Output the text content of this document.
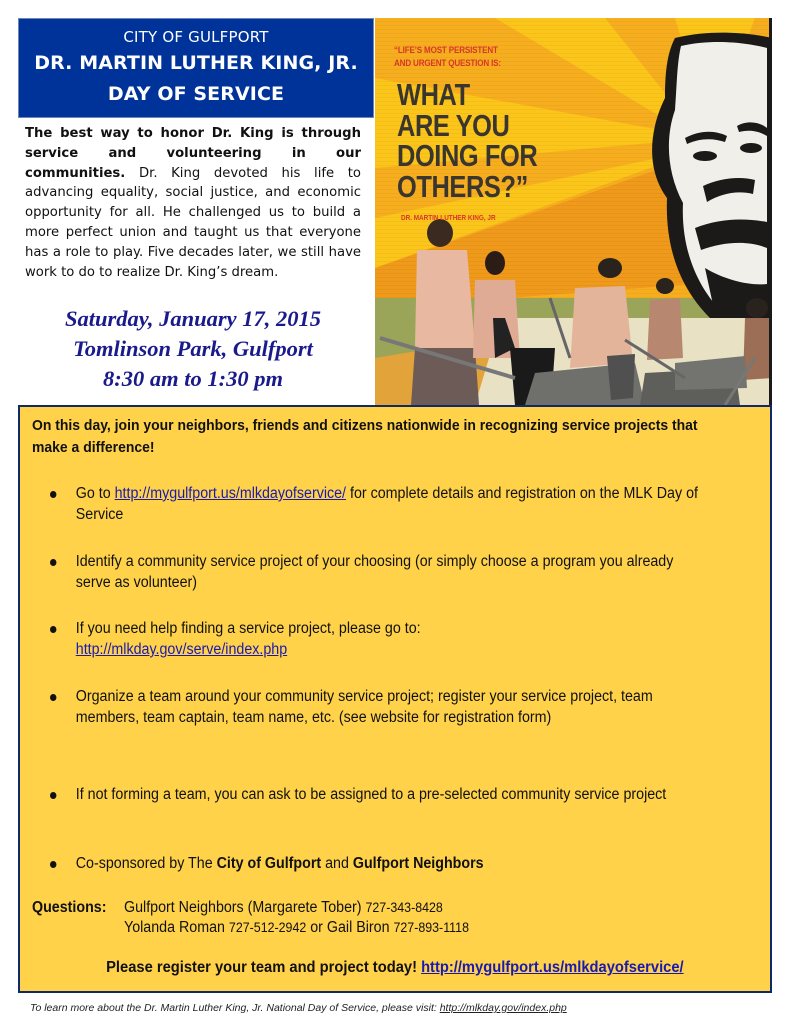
CITY OF GULFPORT
DR. MARTIN LUTHER KING, JR.
DAY OF SERVICE
The best way to honor Dr. King is through service and volunteering in our communities. Dr. King devoted his life to advancing equality, social justice, and economic opportunity for all. He challenged us to build a more perfect union and taught us that everyone has a role to play. Five decades later, we still have work to do to realize Dr. King’s dream.
Saturday, January 17, 2015
Tomlinson Park, Gulfport
8:30 am to 1:30 pm
“LIFE’S MOST PERSISTENT
AND URGENT QUESTION IS:
WHAT
ARE YOU
DOING FOR
OTHERS?”
DR. MARTIN LUTHER KING, JR
On this day, join your neighbors, friends and citizens nationwide in recognizing service projects that make a difference!
Go to http://mygulfport.us/mlkdayofservice/ for complete details and registration on the MLK Day of Service
Identify a community service project of your choosing (or simply choose a program you already serve as volunteer)
If you need help finding a service project, please go to:
http://mlkday.gov/serve/index.php
Organize a team around your community service project; register your service project, team members, team captain, team name, etc. (see website for registration form)
If not forming a team, you can ask to be assigned to a pre-selected community service project
Co-sponsored by The City of Gulfport and Gulfport Neighbors
Questions: Gulfport Neighbors (Margarete Tober) 727-343-8428
Yolanda Roman 727-512-2942 or Gail Biron 727-893-1118
Please register your team and project today! http://mygulfport.us/mlkdayofservice/
To learn more about the Dr. Martin Luther King, Jr. National Day of Service, please visit: http://mlkday.gov/index.php
